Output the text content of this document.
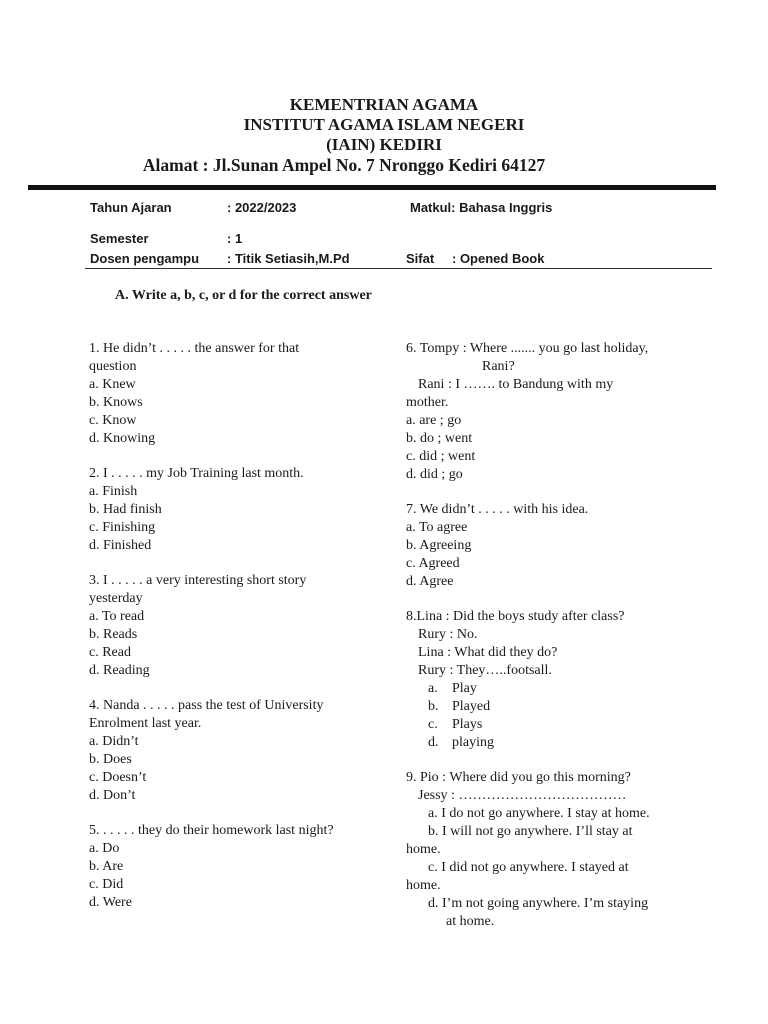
KEMENTRIAN AGAMA
INSTITUT AGAMA ISLAM NEGERI
(IAIN) KEDIRI
Alamat : Jl.Sunan Ampel No. 7 Nronggo Kediri 64127
Tahun Ajaran	: 2022/2023	Matkul: Bahasa Inggris
Semester	: 1
Dosen pengampu : Titik Setiasih,M.Pd	Sifat : Opened Book
A. Write a, b, c, or d for the correct answer
1. He didn’t . . . . . the answer for that
question
a. Knew
b. Knows
c. Know
d. Knowing
2. I . . . . . my Job Training last month.
a. Finish
b. Had finish
c. Finishing
d. Finished
3. I . . . . . a very interesting short story
yesterday
a. To read
b. Reads
c. Read
d. Reading
4. Nanda . . . . . pass the test of University
Enrolment last year.
a. Didn’t
b. Does
c. Doesn’t
d. Don’t
5. . . . . . they do their homework last night?
a. Do
b. Are
c. Did
d. Were
6. Tompy : Where ....... you go last holiday,
Rani?
Rani : I ……. to Bandung with my
mother.
a. are ; go
b. do ; went
c. did ; went
d. did ; go
7. We didn’t . . . . . with his idea.
a. To agree
b. Agreeing
c. Agreed
d. Agree
8.Lina : Did the boys study after class?
Rury : No.
Lina : What did they do?
Rury : They…..footsall.
a. Play
b. Played
c. Plays
d. playing
9. Pio : Where did you go this morning?
Jessy : ………………………………
a. I do not go anywhere. I stay at home.
b. I will not go anywhere. I’ll stay at
home.
c. I did not go anywhere. I stayed at
home.
d. I’m not going anywhere. I’m staying
at home.
